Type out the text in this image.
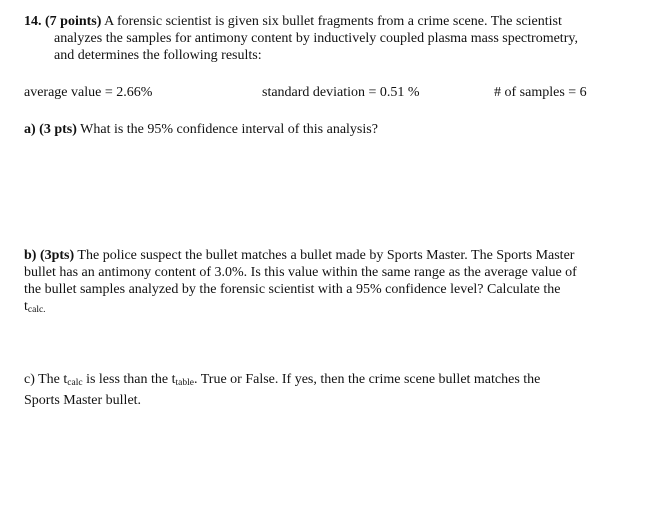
14. (7 points) A forensic scientist is given six bullet fragments from a crime scene. The scientist
analyzes the samples for antimony content by inductively coupled plasma mass spectrometry,
and determines the following results:
average value = 2.66%	standard deviation = 0.51 %	# of samples = 6
a) (3 pts) What is the 95% confidence interval of this analysis?
b) (3pts) The police suspect the bullet matches a bullet made by Sports Master. The Sports Master
bullet has an antimony content of 3.0%. Is this value within the same range as the average value of
the bullet samples analyzed by the forensic scientist with a 95% confidence level? Calculate the
$t_{calc.}$
c) The $t_{calc}$ is less than the $t_{table}$. True or False. If yes, then the crime scene bullet matches the
Sports Master bullet.
